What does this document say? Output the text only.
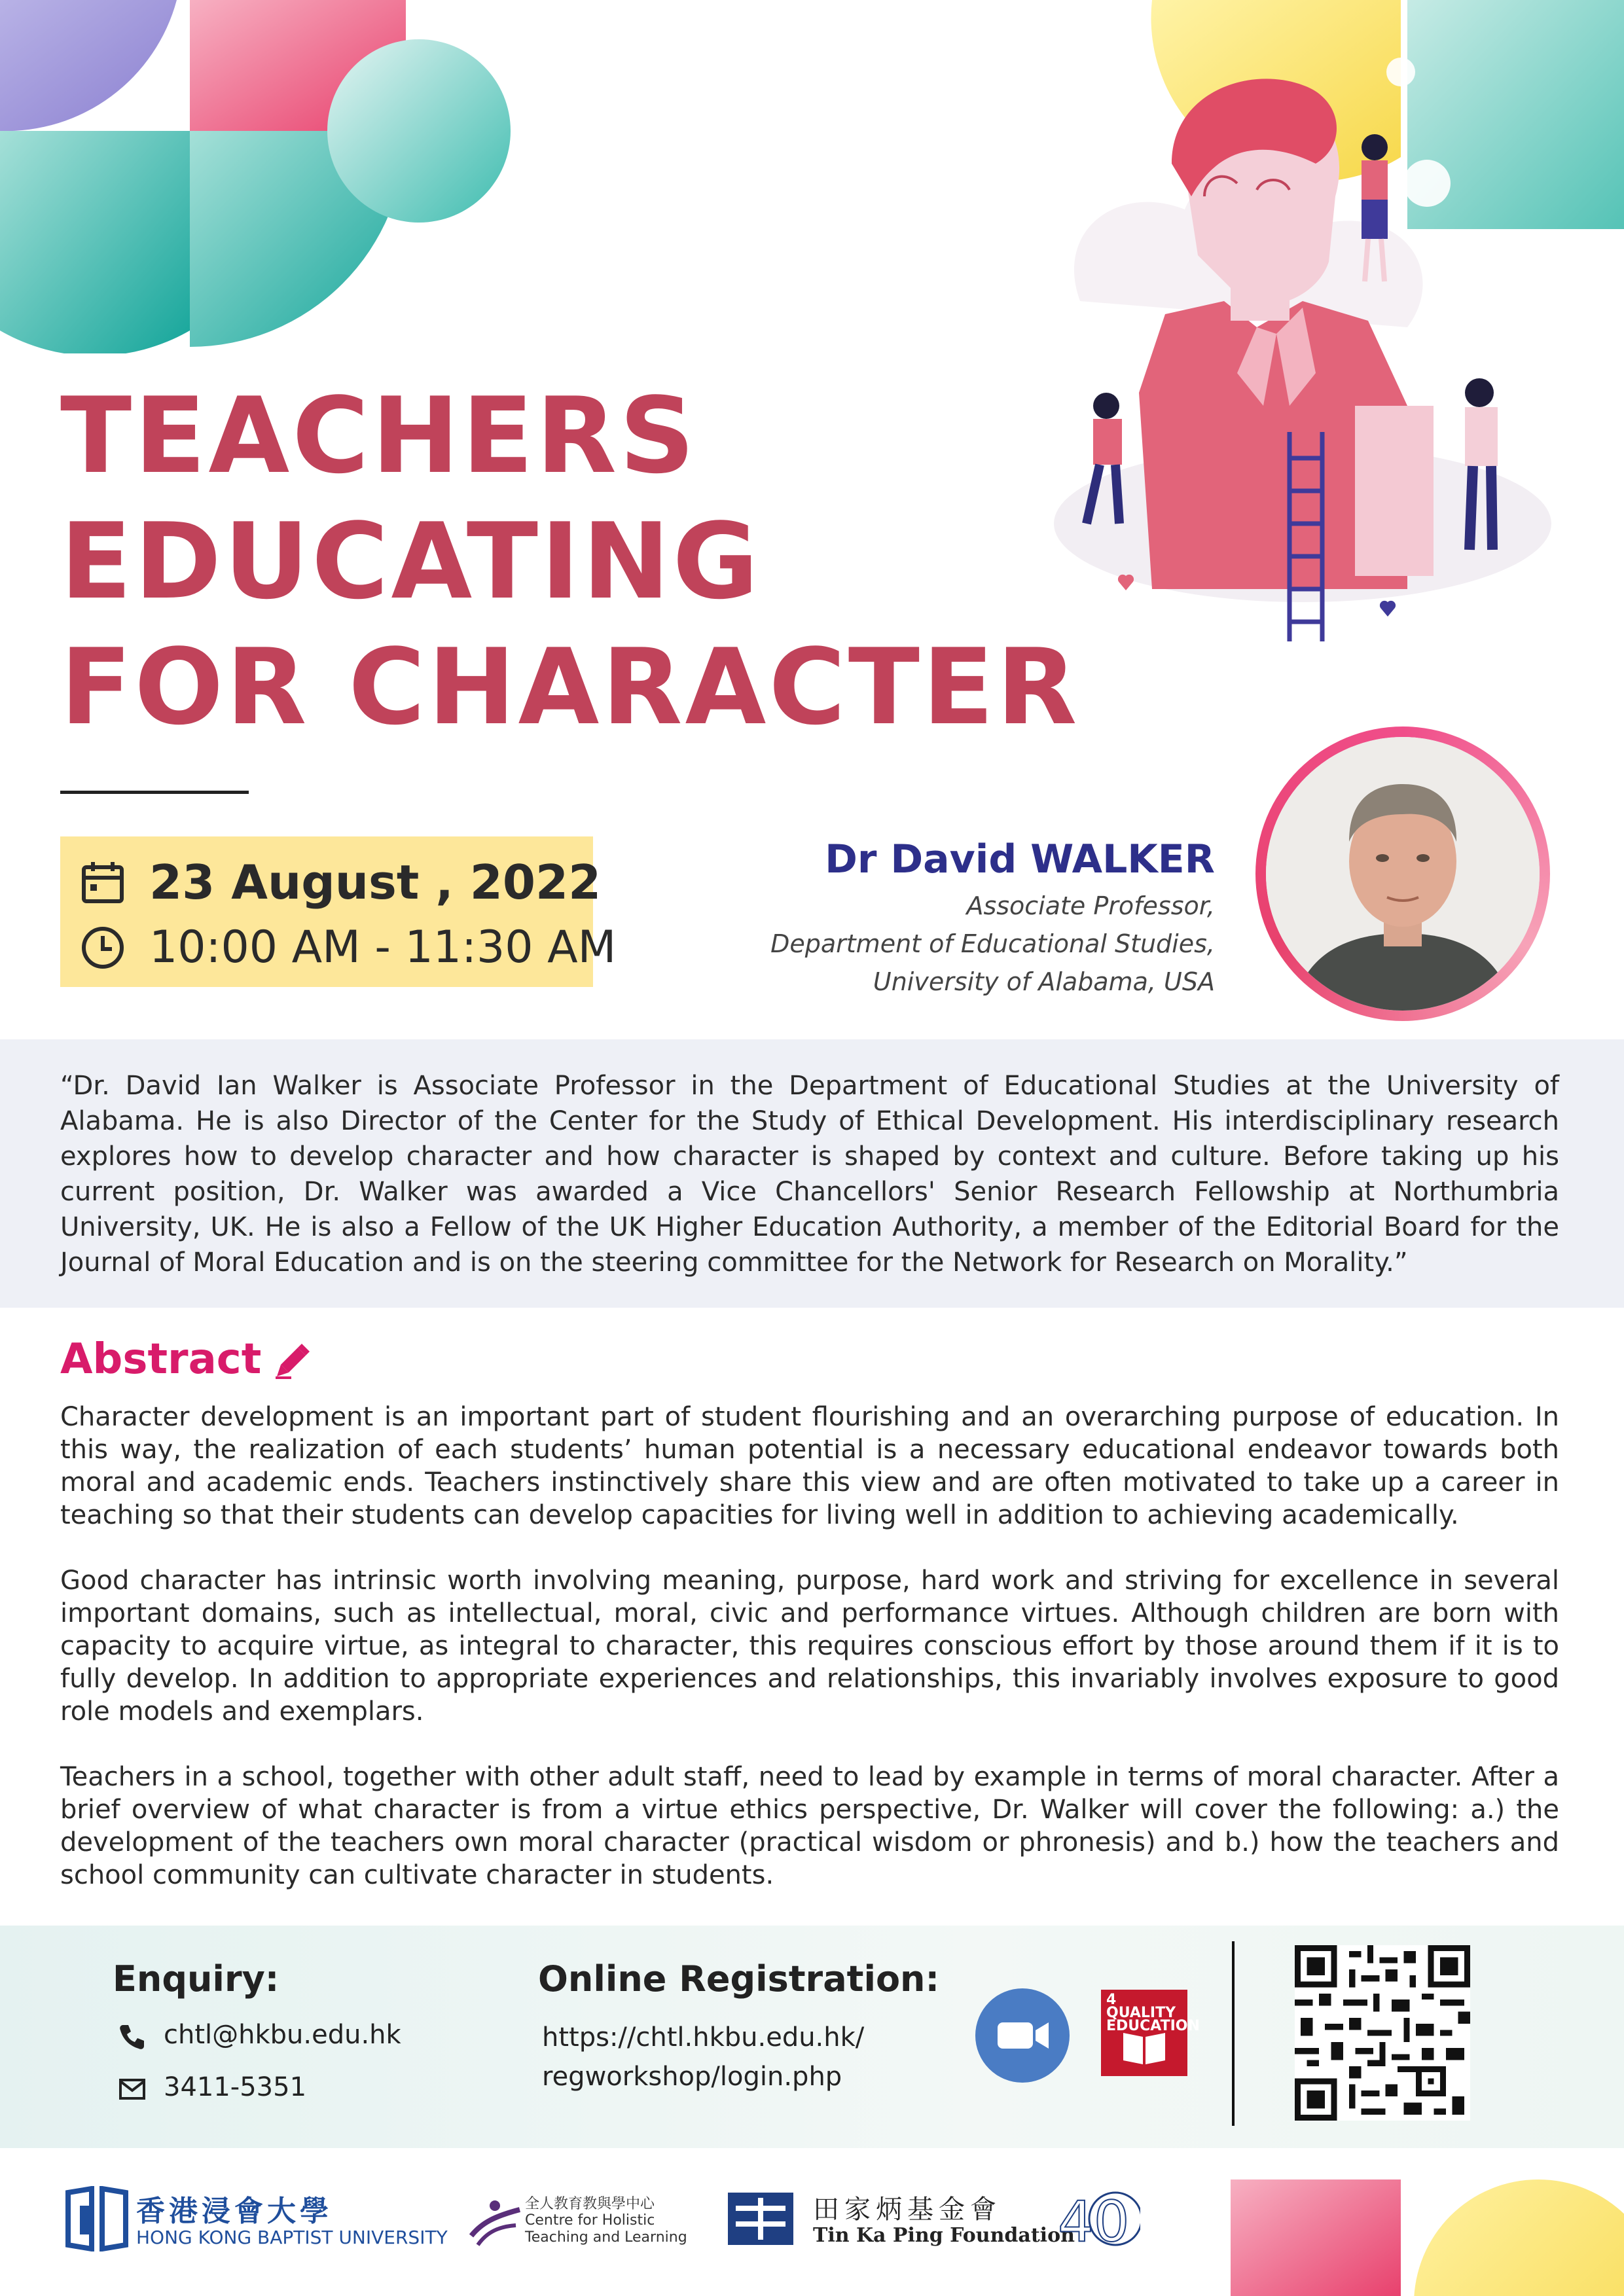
TEACHERS
EDUCATING
FOR CHARACTER
23 August , 2022
10:00 AM - 11:30 AM
Dr David WALKER
Associate Professor,
Department of Educational Studies,
University of Alabama, USA
“Dr. David Ian Walker is Associate Professor in the Department of Educational Studies at the University of Alabama. He is also Director of the Center for the Study of Ethical Development. His interdisciplinary research explores how to develop character and how character is shaped by context and culture. Before taking up his current position, Dr. Walker was awarded a Vice Chancellors' Senior Research Fellowship at Northumbria University, UK. He is also a Fellow of the UK Higher Education Authority, a member of the Editorial Board for the Journal of Moral Education and is on the steering committee for the Network for Research on Morality.”
Abstract
Character development is an important part of student flourishing and an overarching purpose of education. In this way, the realization of each students’ human potential is a necessary educational endeavor towards both moral and academic ends. Teachers instinctively share this view and are often motivated to take up a career in teaching so that their students can develop capacities for living well in addition to achieving academically.
Good character has intrinsic worth involving meaning, purpose, hard work and striving for excellence in several important domains, such as intellectual, moral, civic and performance virtues. Although children are born with capacity to acquire virtue, as integral to character, this requires conscious effort by those around them if it is to fully develop. In addition to appropriate experiences and relationships, this invariably involves exposure to good role models and exemplars.
Teachers in a school, together with other adult staff, need to lead by example in terms of moral character. After a brief overview of what character is from a virtue ethics perspective, Dr. Walker will cover the following: a.) the development of the teachers own moral character (practical wisdom or phronesis) and b.) how the teachers and school community can cultivate character in students.
Enquiry:
chtl@hkbu.edu.hk
3411-5351
Online Registration:
https://chtl.hkbu.edu.hk/
regworkshop/login.php
4 QUALITY EDUCATION
香港浸會大學
HONG KONG BAPTIST UNIVERSITY
全人教育教與學中心
Centre for Holistic
Teaching and Learning
田家炳基金會
Tin Ka Ping Foundation
40
